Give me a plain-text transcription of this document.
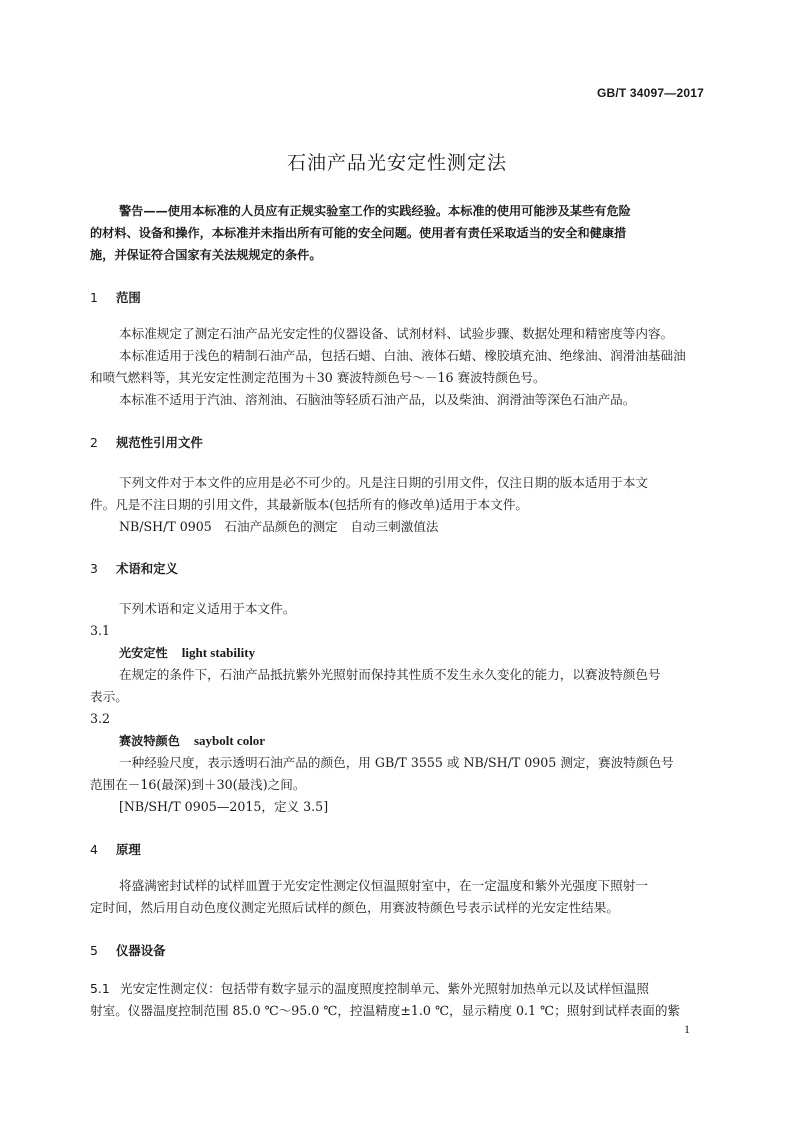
GB/T 34097—2017
石油产品光安定性测定法
警告——使用本标准的人员应有正规实验室工作的实践经验。本标准的使用可能涉及某些有危险
的材料、设备和操作，本标准并未指出所有可能的安全问题。使用者有责任采取适当的安全和健康措
施，并保证符合国家有关法规规定的条件。
1 范围
本标准规定了测定石油产品光安定性的仪器设备、试剂材料、试验步骤、数据处理和精密度等内容。
本标准适用于浅色的精制石油产品，包括石蜡、白油、液体石蜡、橡胶填充油、绝缘油、润滑油基础油
和喷气燃料等，其光安定性测定范围为＋30 赛波特颜色号～－16 赛波特颜色号。
本标准不适用于汽油、溶剂油、石脑油等轻质石油产品，以及柴油、润滑油等深色石油产品。
2 规范性引用文件
下列文件对于本文件的应用是必不可少的。凡是注日期的引用文件，仅注日期的版本适用于本文
件。凡是不注日期的引用文件，其最新版本(包括所有的修改单)适用于本文件。
NB/SH/T 0905　石油产品颜色的测定　自动三刺激值法
3 术语和定义
下列术语和定义适用于本文件。
3.1
光安定性 light stability
在规定的条件下，石油产品抵抗紫外光照射而保持其性质不发生永久变化的能力，以赛波特颜色号
表示。
3.2
赛波特颜色 saybolt color
一种经验尺度，表示透明石油产品的颜色，用 GB/T 3555 或 NB/SH/T 0905 测定，赛波特颜色号
范围在－16(最深)到＋30(最浅)之间。
[NB/SH/T 0905—2015，定义 3.5]
4 原理
将盛满密封试样的试样皿置于光安定性测定仪恒温照射室中，在一定温度和紫外光强度下照射一
定时间，然后用自动色度仪测定光照后试样的颜色，用赛波特颜色号表示试样的光安定性结果。
5 仪器设备
5.1 光安定性测定仪：包括带有数字显示的温度照度控制单元、紫外光照射加热单元以及试样恒温照
射室。仪器温度控制范围 85.0 ℃～95.0 ℃，控温精度±1.0 ℃，显示精度 0.1 ℃；照射到试样表面的紫
1
